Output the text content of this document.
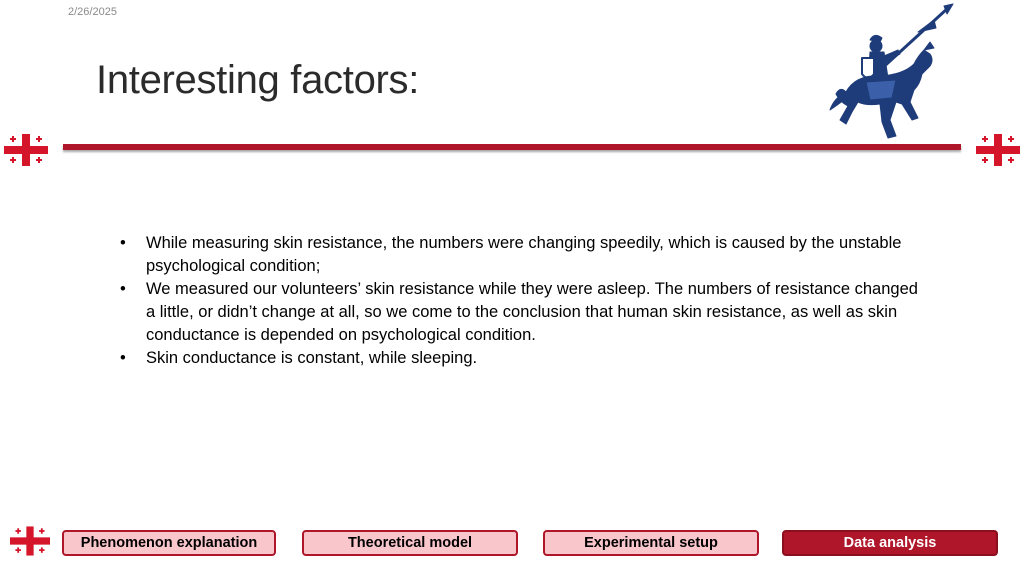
2/26/2025
Interesting factors:
• While measuring skin resistance, the numbers were changing speedily, which is caused by the unstable psychological condition;
• We measured our volunteers’ skin resistance while they were asleep. The numbers of resistance changed a little, or didn’t change at all, so we come to the conclusion that human skin resistance, as well as skin conductance is depended on psychological condition.
• Skin conductance is constant, while sleeping.
Phenomenon explanation	Theoretical model	Experimental setup	Data analysis
